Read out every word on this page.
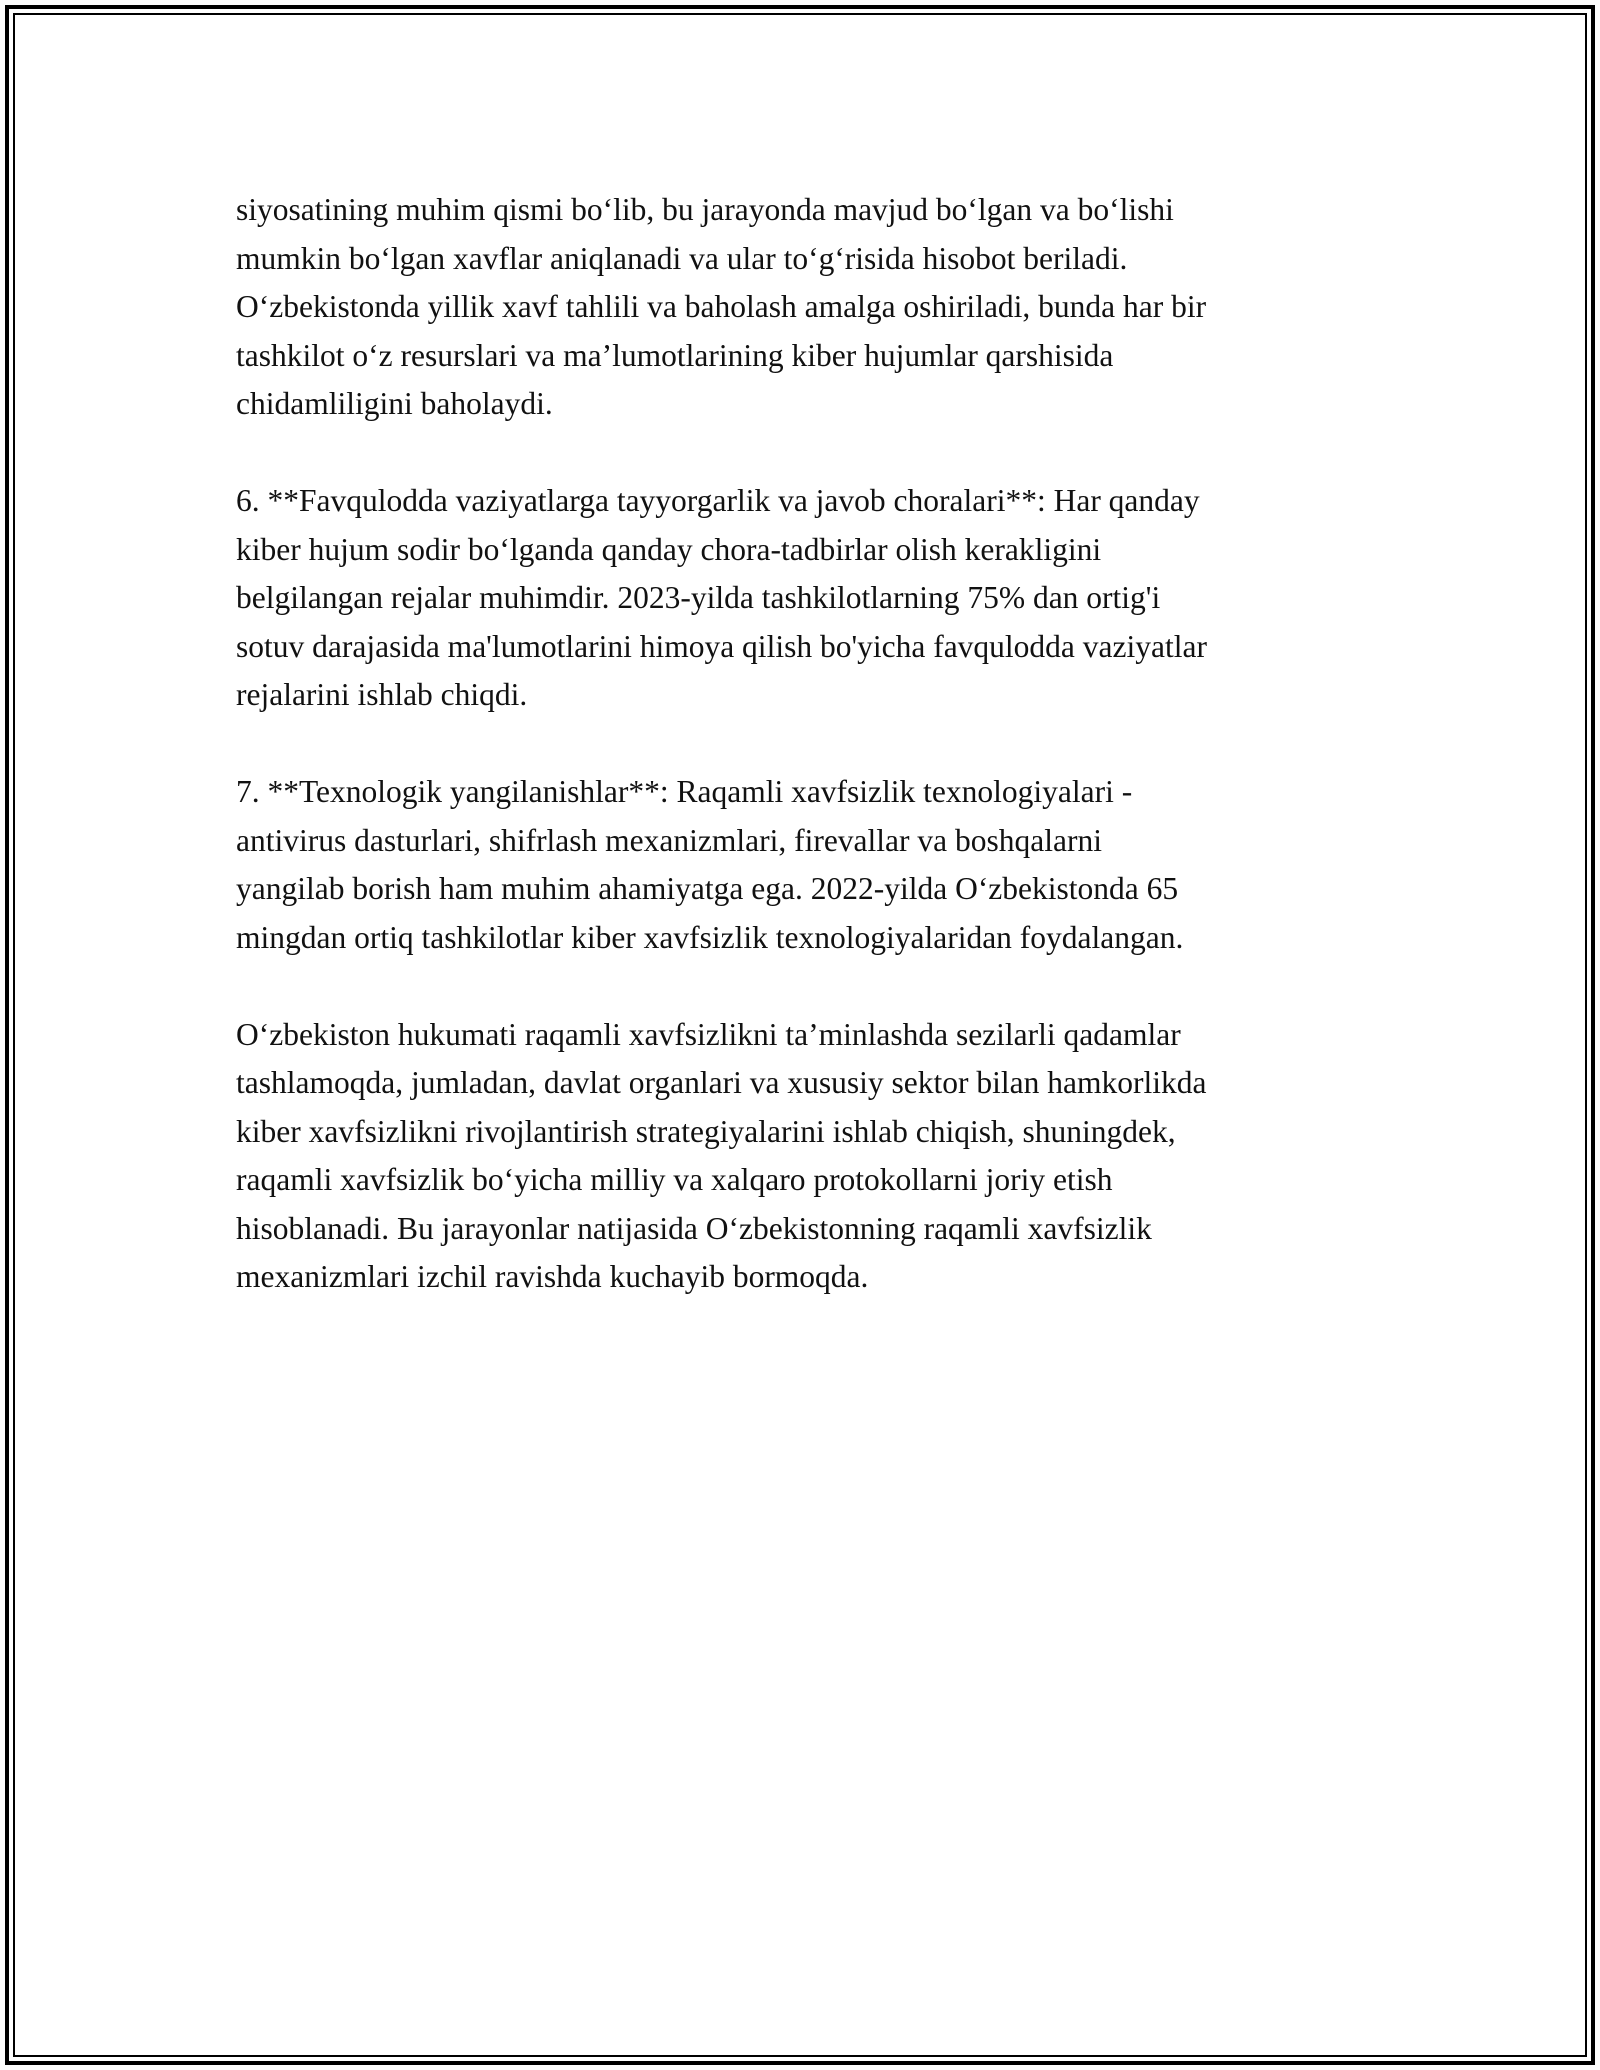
siyosatining muhim qismi bo‘lib, bu jarayonda mavjud bo‘lgan va bo‘lishi
mumkin bo‘lgan xavflar aniqlanadi va ular to‘g‘risida hisobot beriladi.
O‘zbekistonda yillik xavf tahlili va baholash amalga oshiriladi, bunda har bir
tashkilot o‘z resurslari va ma’lumotlarining kiber hujumlar qarshisida
chidamliligini baholaydi.

6. **Favqulodda vaziyatlarga tayyorgarlik va javob choralari**: Har qanday
kiber hujum sodir bo‘lganda qanday chora-tadbirlar olish kerakligini
belgilangan rejalar muhimdir. 2023-yilda tashkilotlarning 75% dan ortig'i
sotuv darajasida ma'lumotlarini himoya qilish bo'yicha favqulodda vaziyatlar
rejalarini ishlab chiqdi.

7. **Texnologik yangilanishlar**: Raqamli xavfsizlik texnologiyalari -
antivirus dasturlari, shifrlash mexanizmlari, firevallar va boshqalarni
yangilab borish ham muhim ahamiyatga ega. 2022-yilda O‘zbekistonda 65
mingdan ortiq tashkilotlar kiber xavfsizlik texnologiyalaridan foydalangan.

O‘zbekiston hukumati raqamli xavfsizlikni ta’minlashda sezilarli qadamlar
tashlamoqda, jumladan, davlat organlari va xususiy sektor bilan hamkorlikda
kiber xavfsizlikni rivojlantirish strategiyalarini ishlab chiqish, shuningdek,
raqamli xavfsizlik bo‘yicha milliy va xalqaro protokollarni joriy etish
hisoblanadi. Bu jarayonlar natijasida O‘zbekistonning raqamli xavfsizlik
mexanizmlari izchil ravishda kuchayib bormoqda.
